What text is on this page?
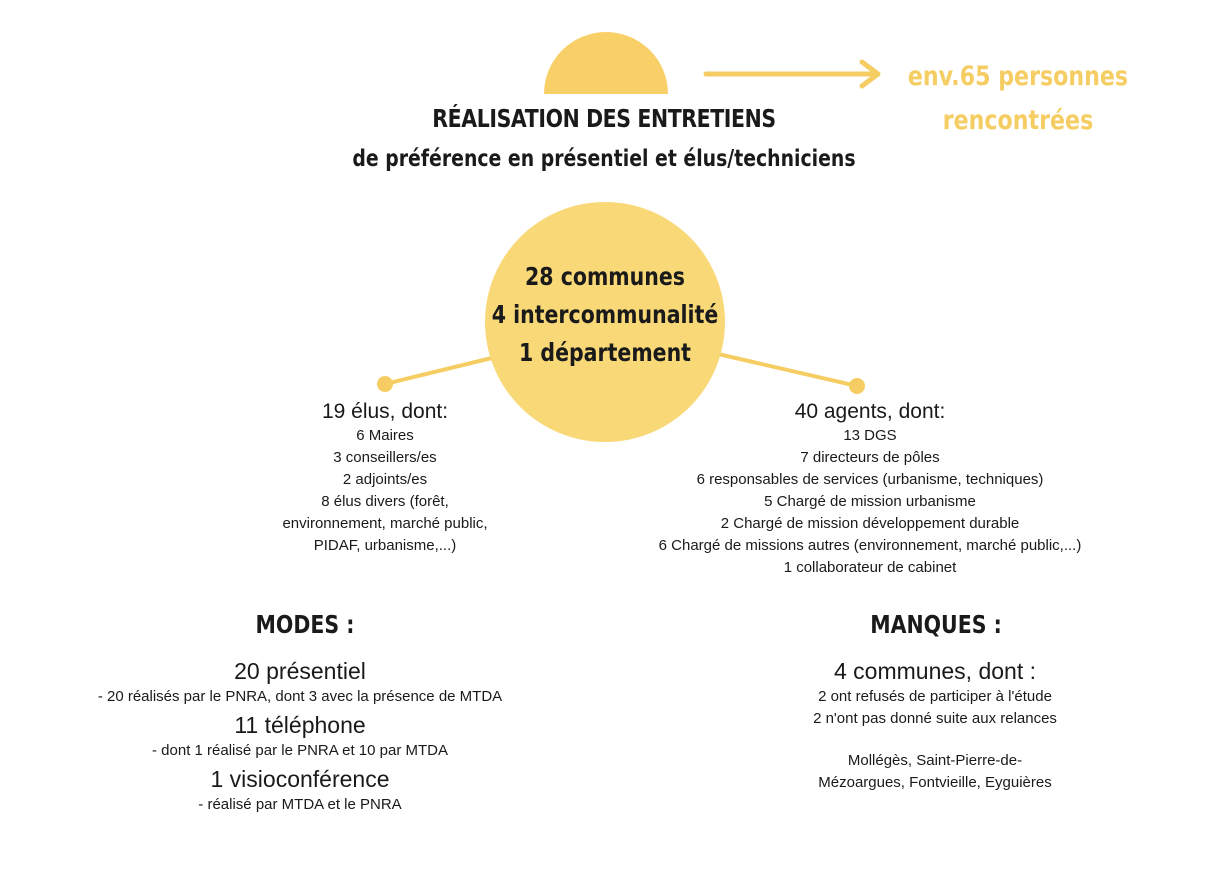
RÉALISATION DES ENTRETIENS
de préférence en présentiel et élus/techniciens
env.65 personnes
rencontrées
28 communes
4 intercommunalité
1 département
19 élus, dont:
6 Maires
3 conseillers/es
2 adjoints/es
8 élus divers (forêt,
environnement, marché public,
PIDAF, urbanisme,...)
40 agents, dont:
13 DGS
7 directeurs de pôles
6 responsables de services (urbanisme, techniques)
5 Chargé de mission urbanisme
2 Chargé de mission développement durable
6 Chargé de missions autres (environnement, marché public,...)
1 collaborateur de cabinet
MODES :	MANQUES :
20 présentiel
- 20 réalisés par le PNRA, dont 3 avec la présence de MTDA
11 téléphone
- dont 1 réalisé par le PNRA et 10 par MTDA
1 visioconférence
- réalisé par MTDA et le PNRA
4 communes, dont :
2 ont refusés de participer à l'étude
2 n'ont pas donné suite aux relances
Mollégès, Saint-Pierre-de-
Mézoargues, Fontvieille, Eyguières
